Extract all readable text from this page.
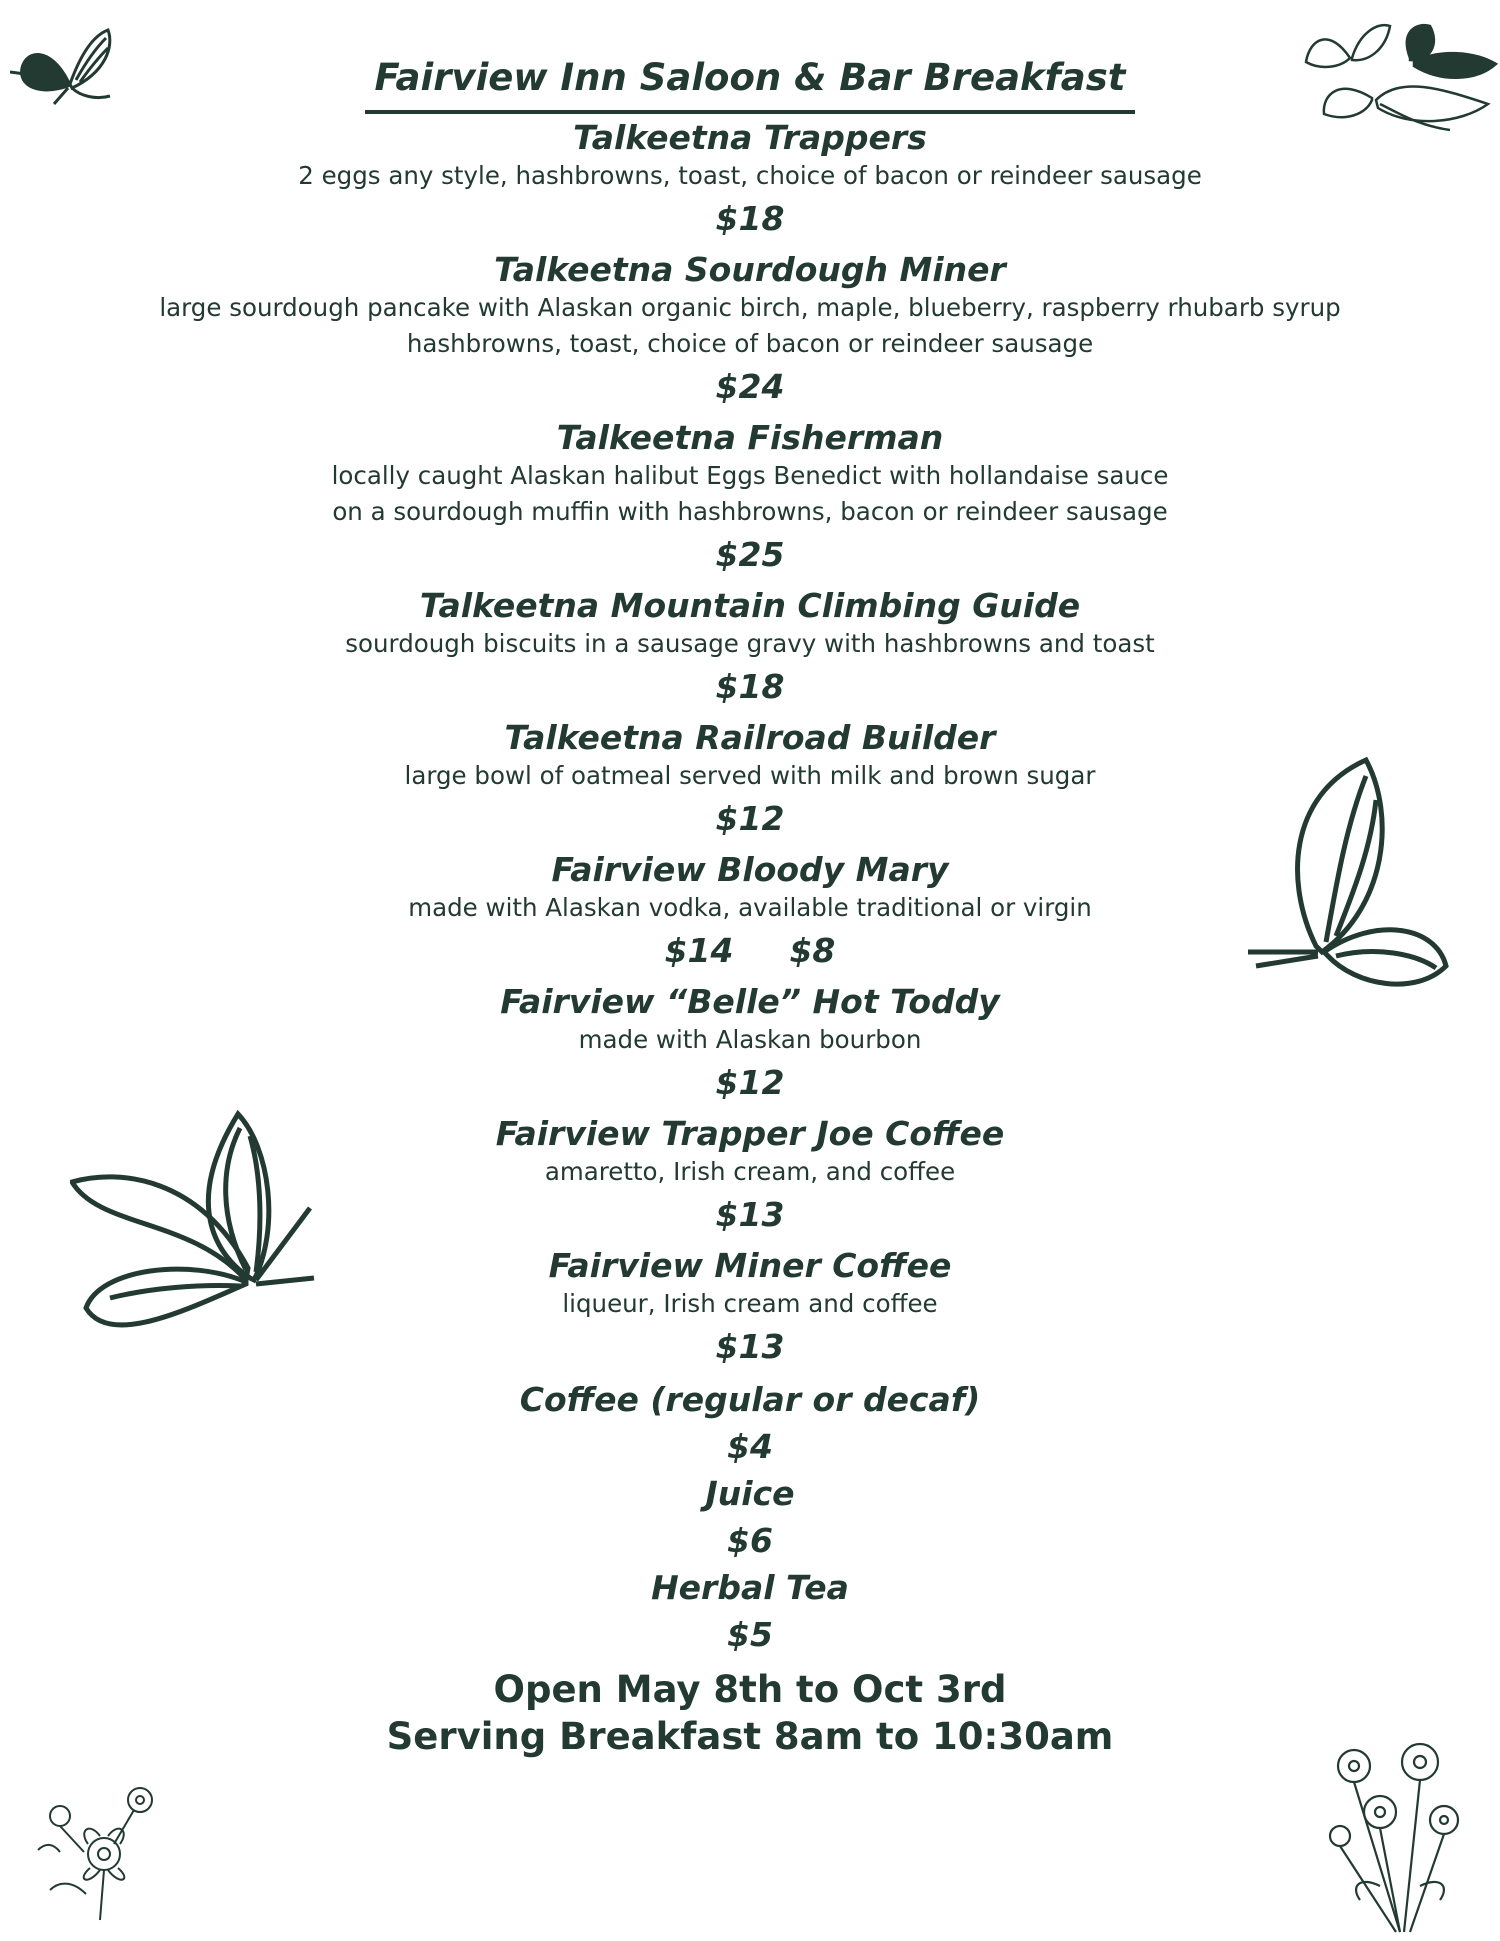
Fairview Inn Saloon & Bar Breakfast
Talkeetna Trappers
2 eggs any style, hashbrowns, toast, choice of bacon or reindeer sausage
$18
Talkeetna Sourdough Miner
large sourdough pancake with Alaskan organic birch, maple, blueberry, raspberry rhubarb syrup
hashbrowns, toast, choice of bacon or reindeer sausage
$24
Talkeetna Fisherman
locally caught Alaskan halibut Eggs Benedict with hollandaise sauce
on a sourdough muffin with hashbrowns, bacon or reindeer sausage
$25
Talkeetna Mountain Climbing Guide
sourdough biscuits in a sausage gravy with hashbrowns and toast
$18
Talkeetna Railroad Builder
large bowl of oatmeal served with milk and brown sugar
$12
Fairview Bloody Mary
made with Alaskan vodka, available traditional or virgin
$14 $8
Fairview “Belle” Hot Toddy
made with Alaskan bourbon
$12
Fairview Trapper Joe Coffee
amaretto, Irish cream, and coffee
$13
Fairview Miner Coffee
liqueur, Irish cream and coffee
$13
Coffee (regular or decaf)
$4
Juice
$6
Herbal Tea
$5
Open May 8th to Oct 3rd
Serving Breakfast 8am to 10:30am
